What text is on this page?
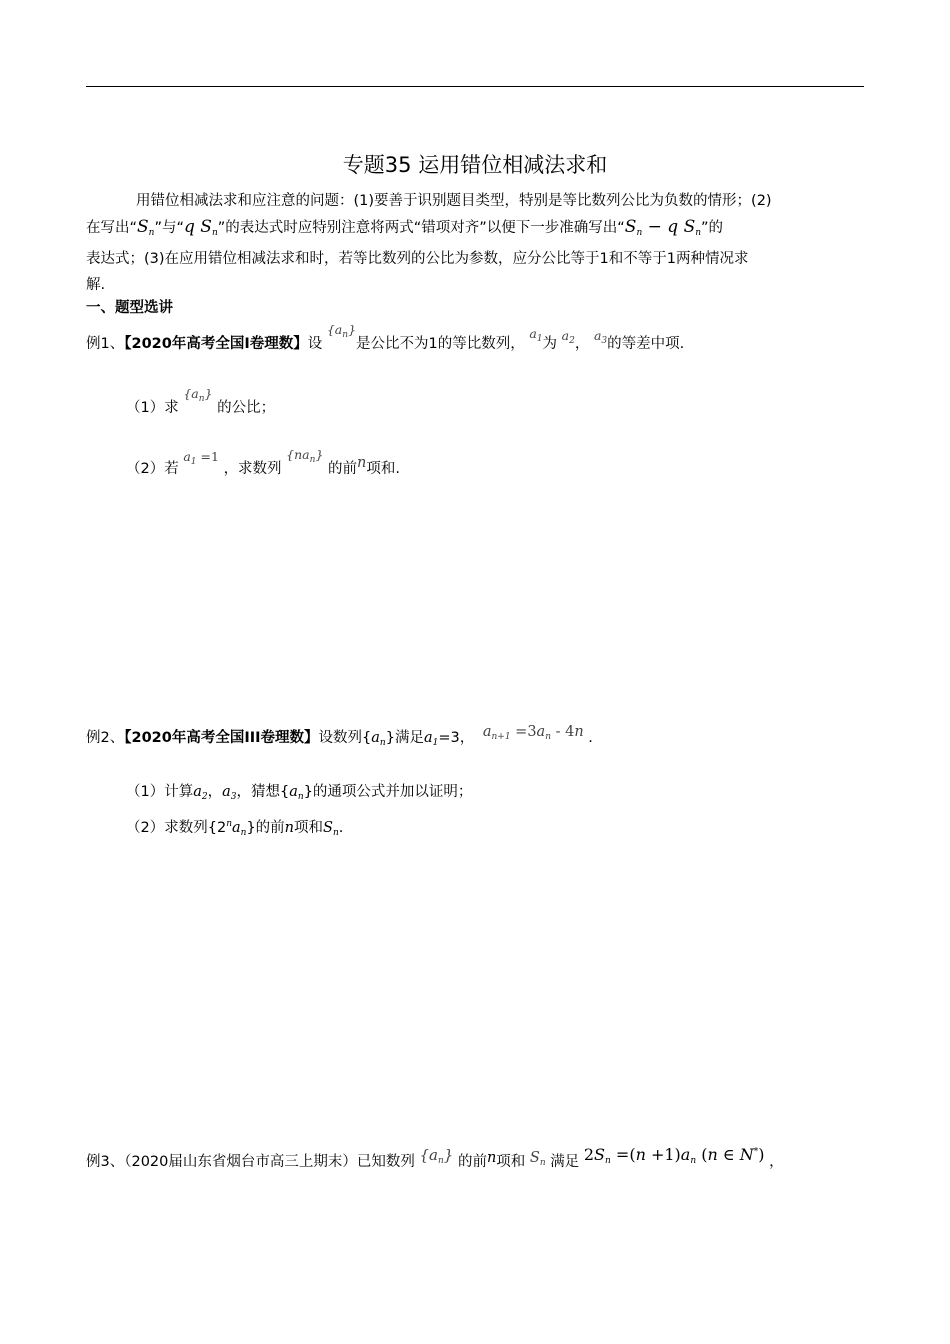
专题35 运用错位相减法求和
用错位相减法求和应注意的问题：(1)要善于识别题目类型，特别是等比数列公比为负数的情形；(2)
在写出“$S_n$”与“q $S_n$”的表达式时应特别注意将两式“错项对齐”以便下一步准确写出“$S_n - q$ $S_n$”的
表达式；(3)在应用错位相减法求和时，若等比数列的公比为参数，应分公比等于1和不等于1两种情况求
解.
一、题型选讲
例1、【2020年高考全国Ⅰ卷理数】设 $\{a_n\}$是公比不为1的等比数列， $a_1$为 $a_2$， $a_3$的等差中项.
（1）求 $\{a_n\}$ 的公比；
（2）若 $a_1 =1$ ，求数列 $\{na_n\}$ 的前n项和.
例2、【2020年高考全国III卷理数】设数列$\{a_n\}$满足$a_1=3$， $a_{n+1} =3a_n - 4n$ .
（1）计算$a_2$，$a_3$，猜想$\{a_n\}$的通项公式并加以证明；
（2）求数列$\{2^na_n\}$的前n项和$S_n$.
例3、（2020届山东省烟台市高三上期末）已知数列 $\{a_n\}$ 的前n项和 $S_n$ 满足 $2S_n =(n +1)a_n$ (n ∈ N*) ，
